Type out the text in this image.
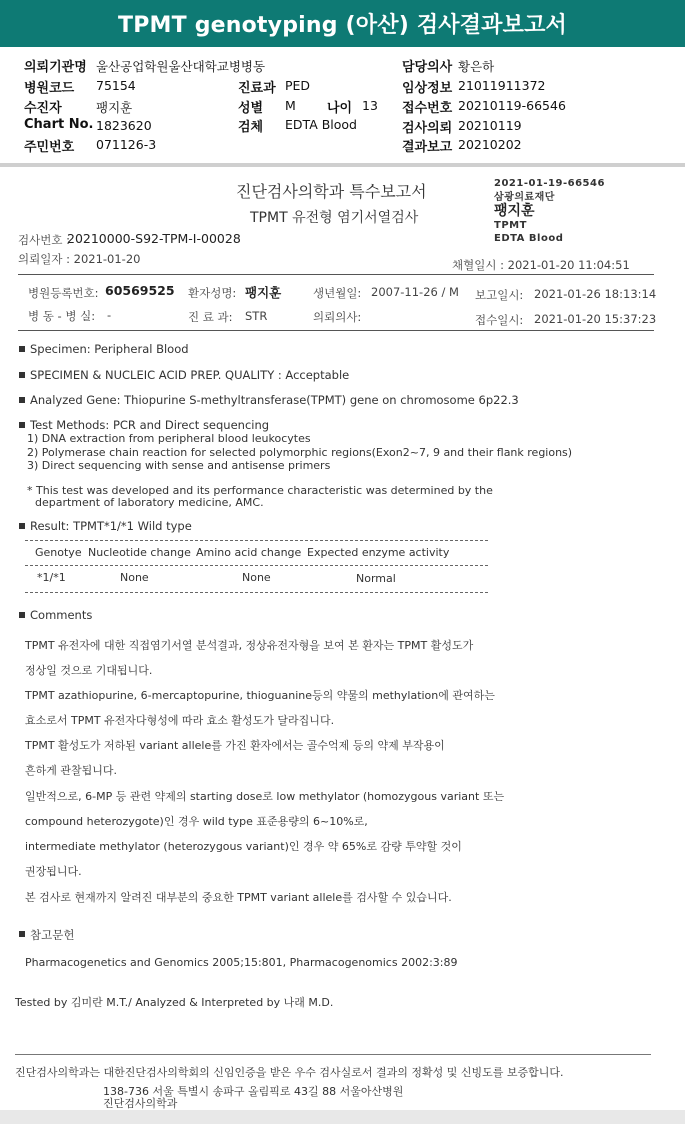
TPMT genotyping (아산) 검사결과보고서
의뢰기관명 울산공업학원울산대학교병병동	담당의사 황은하
병원코드 75154	진료과 PED	임상정보 21011911372
수진자	팽지훈	성별 M 나이 13 접수번호 20210119-66546
Chart No. 1823620	검체 EDTA Blood	검사의뢰 20210119
주민번호 071126-3	결과보고 20210202
진단검사의학과 특수보고서
TPMT 유전형 염기서열검사
2021-01-19-66546
삼광의료재단
팽지훈
TPMT
EDTA Blood
검사번호 :
20210000-S92-TPM-I-00028
의뢰일자 : 2021-01-20	채혈일시 : 2021-01-20 11:04:51
병원등록번호: 60569525 환자성명: 팽지훈	생년월일: 2007-11-26 / M 보고일시: 2021-01-26 18:13:14
병 동 - 병 실: -	진 료 과: STR	의뢰의사:	접수일시: 2021-01-20 15:37:23
Specimen: Peripheral Blood
SPECIMEN & NUCLEIC ACID PREP. QUALITY : Acceptable
Analyzed Gene: Thiopurine S-methyltransferase(TPMT) gene on chromosome 6p22.3
Test Methods: PCR and Direct sequencing
1) DNA extraction from peripheral blood leukocytes
2) Polymerase chain reaction for selected polymorphic regions(Exon2~7, 9 and their flank regions)
3) Direct sequencing with sense and antisense primers
* This test was developed and its performance characteristic was determined by the
department of laboratory medicine, AMC.
Result: TPMT*1/*1 Wild type
Genotye Nucleotide change Amino acid change Expected enzyme activity
*1/*1	None	None	Normal
Comments
TPMT 유전자에 대한 직접염기서열 분석결과, 정상유전자형을 보여 본 환자는 TPMT 활성도가
정상일 것으로 기대됩니다.
TPMT azathiopurine, 6-mercaptopurine, thioguanine등의 약물의 methylation에 관여하는
효소로서 TPMT 유전자다형성에 따라 효소 활성도가 달라집니다.
TPMT 활성도가 저하된 variant allele를 가진 환자에서는 골수억제 등의 약제 부작용이
흔하게 관찰됩니다.
일반적으로, 6-MP 등 관련 약제의 starting dose로 low methylator (homozygous variant 또는
compound heterozygote)인 경우 wild type 표준용량의 6~10%로,
intermediate methylator (heterozygous variant)인 경우 약 65%로 감량 투약할 것이
권장됩니다.
본 검사로 현재까지 알려진 대부분의 중요한 TPMT variant allele를 검사할 수 있습니다.
참고문헌
Pharmacogenetics and Genomics 2005;15:801, Pharmacogenomics 2002:3:89
Tested by 김미란 M.T./ Analyzed & Interpreted by 나래 M.D.
진단검사의학과는 대한진단검사의학회의 신임인증을 받은 우수 검사실로서 결과의 정확성 및 신빙도를 보증합니다.
138-736 서울 특별시 송파구 올림픽로 43길 88 서울아산병원
진단검사의학과
